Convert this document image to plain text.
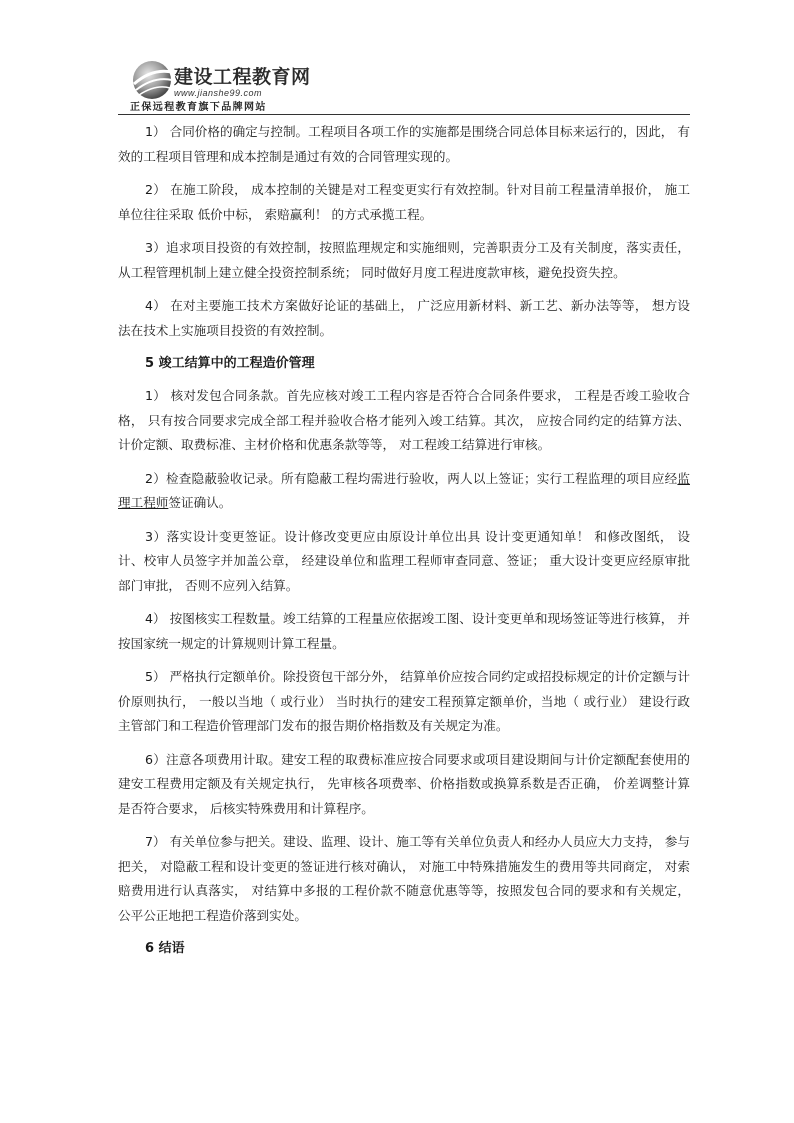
建设工程教育网
www.jianshe99.com
正保远程教育旗下品牌网站

1） 合同价格的确定与控制。工程项目各项工作的实施都是围绕合同总体目标来运行的，因此， 有效的工程项目管理和成本控制是通过有效的合同管理实现的。

2） 在施工阶段， 成本控制的关键是对工程变更实行有效控制。针对目前工程量清单报价， 施工单位往往采取 低价中标， 索赔赢利！ 的方式承揽工程。

3）追求项目投资的有效控制，按照监理规定和实施细则，完善职责分工及有关制度，落实责任， 从工程管理机制上建立健全投资控制系统； 同时做好月度工程进度款审核，避免投资失控。

4） 在对主要施工技术方案做好论证的基础上， 广泛应用新材料、新工艺、新办法等等， 想方设法在技术上实施项目投资的有效控制。

5 竣工结算中的工程造价管理

1） 核对发包合同条款。首先应核对竣工工程内容是否符合合同条件要求， 工程是否竣工验收合格， 只有按合同要求完成全部工程并验收合格才能列入竣工结算。其次， 应按合同约定的结算方法、计价定额、取费标准、主材价格和优惠条款等等， 对工程竣工结算进行审核。

2）检查隐蔽验收记录。所有隐蔽工程均需进行验收，两人以上签证；实行工程监理的项目应经监理工程师签证确认。

3）落实设计变更签证。设计修改变更应由原设计单位出具 设计变更通知单！ 和修改图纸， 设计、校审人员签字并加盖公章， 经建设单位和监理工程师审查同意、签证； 重大设计变更应经原审批部门审批， 否则不应列入结算。

4） 按图核实工程数量。竣工结算的工程量应依据竣工图、设计变更单和现场签证等进行核算， 并按国家统一规定的计算规则计算工程量。

5） 严格执行定额单价。除投资包干部分外， 结算单价应按合同约定或招投标规定的计价定额与计价原则执行， 一般以当地（ 或行业） 当时执行的建安工程预算定额单价，当地（ 或行业） 建设行政主管部门和工程造价管理部门发布的报告期价格指数及有关规定为准。

6）注意各项费用计取。建安工程的取费标准应按合同要求或项目建设期间与计价定额配套使用的建安工程费用定额及有关规定执行， 先审核各项费率、价格指数或换算系数是否正确， 价差调整计算是否符合要求， 后核实特殊费用和计算程序。

7） 有关单位参与把关。建设、监理、设计、施工等有关单位负责人和经办人员应大力支持， 参与把关， 对隐蔽工程和设计变更的签证进行核对确认， 对施工中特殊措施发生的费用等共同商定， 对索赔费用进行认真落实， 对结算中多报的工程价款不随意优惠等等，按照发包合同的要求和有关规定， 公平公正地把工程造价落到实处。

6 结语
